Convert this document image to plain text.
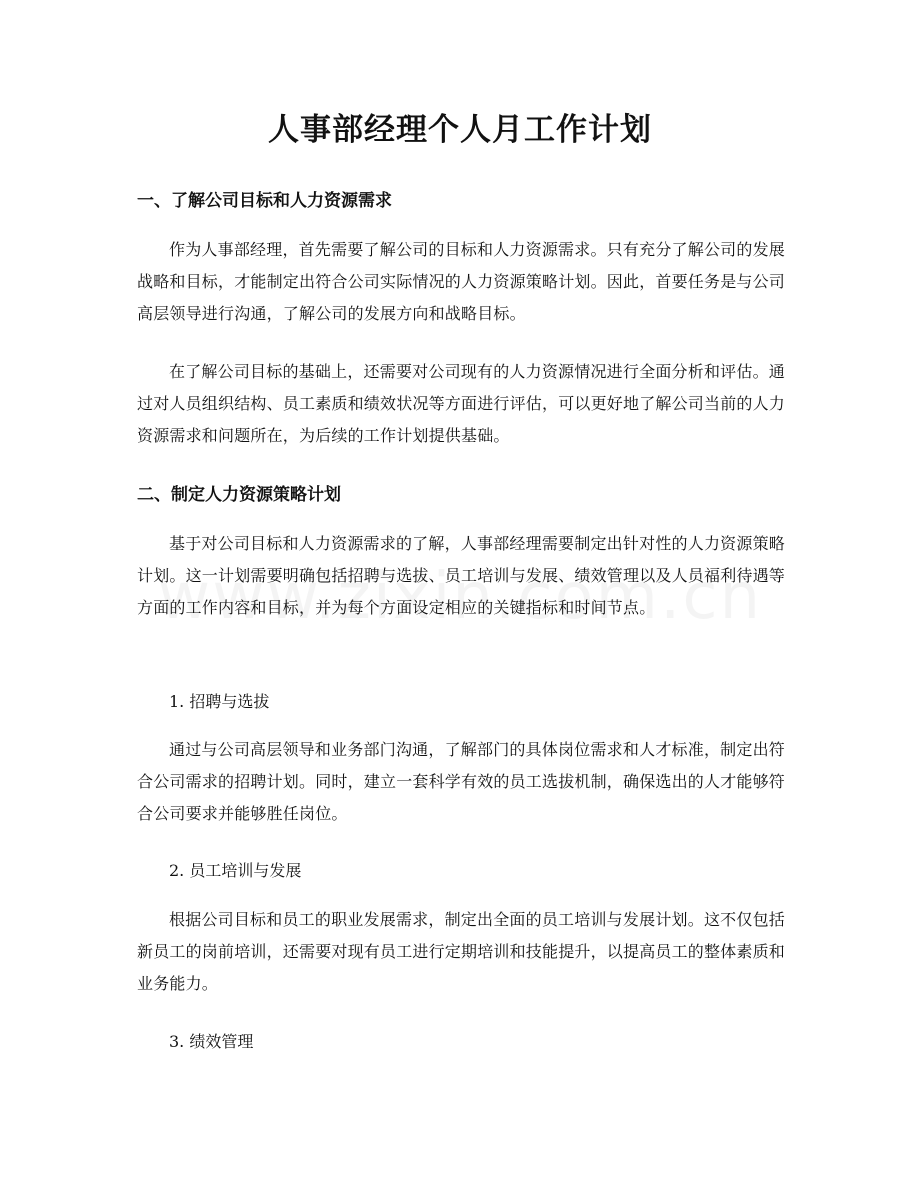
人事部经理个人月工作计划
一、了解公司目标和人力资源需求

作为人事部经理，首先需要了解公司的目标和人力资源需求。只有充分了解公司的发展战略和目标，才能制定出符合公司实际情况的人力资源策略计划。因此，首要任务是与公司高层领导进行沟通，了解公司的发展方向和战略目标。

在了解公司目标的基础上，还需要对公司现有的人力资源情况进行全面分析和评估。通过对人员组织结构、员工素质和绩效状况等方面进行评估，可以更好地了解公司当前的人力资源需求和问题所在，为后续的工作计划提供基础。

二、制定人力资源策略计划

基于对公司目标和人力资源需求的了解，人事部经理需要制定出针对性的人力资源策略计划。这一计划需要明确包括招聘与选拔、员工培训与发展、绩效管理以及人员福利待遇等方面的工作内容和目标，并为每个方面设定相应的关键指标和时间节点。

1. 招聘与选拔

通过与公司高层领导和业务部门沟通，了解部门的具体岗位需求和人才标准，制定出符合公司需求的招聘计划。同时，建立一套科学有效的员工选拔机制，确保选出的人才能够符合公司要求并能够胜任岗位。

2. 员工培训与发展

根据公司目标和员工的职业发展需求，制定出全面的员工培训与发展计划。这不仅包括新员工的岗前培训，还需要对现有员工进行定期培训和技能提升，以提高员工的整体素质和业务能力。

3. 绩效管理
